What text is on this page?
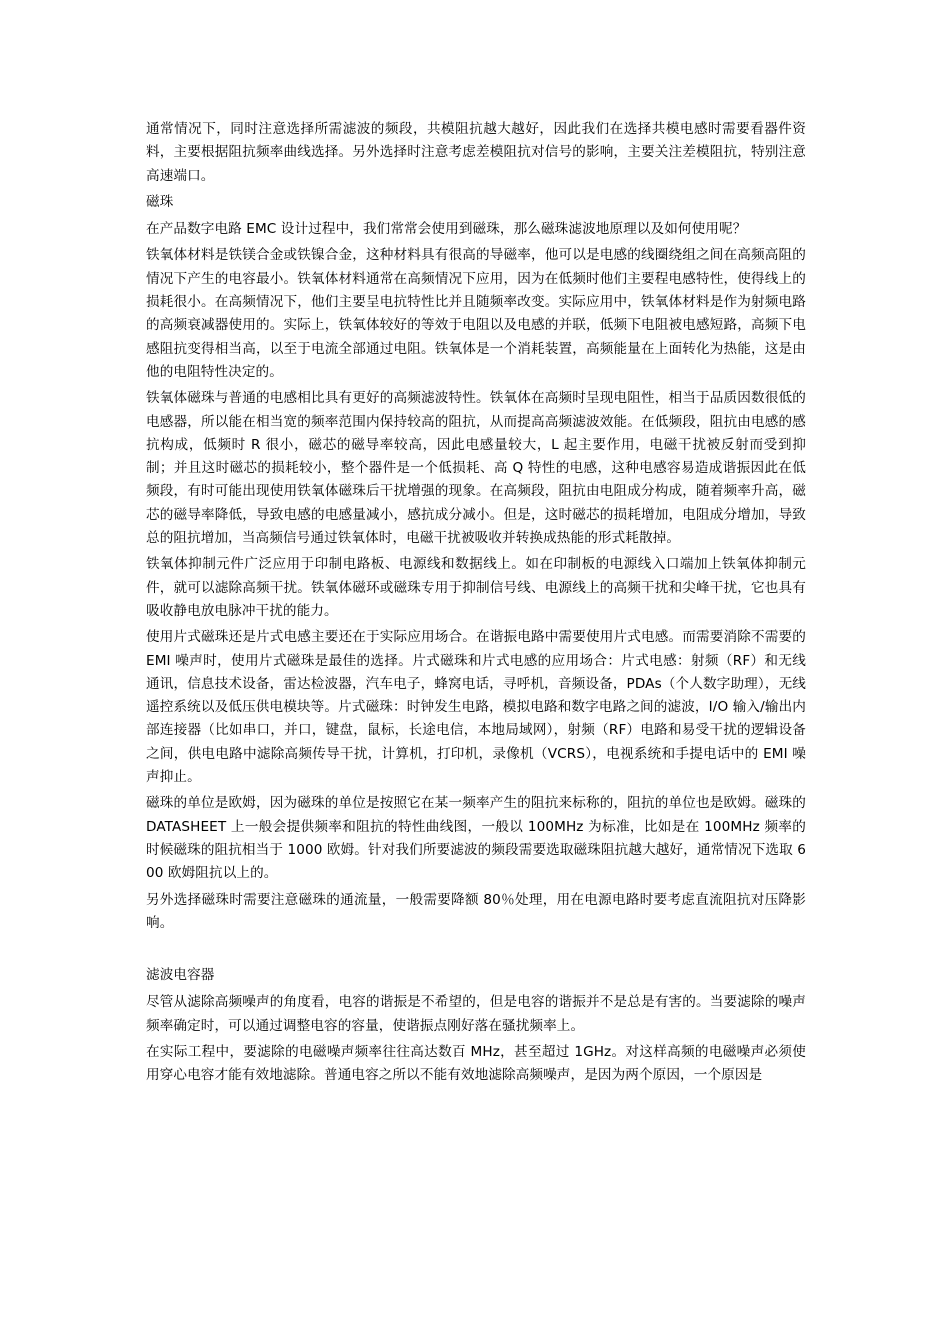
通常情况下，同时注意选择所需滤波的频段，共模阻抗越大越好，因此我们在选择共模电感时需要看器件资料，主要根据阻抗频率曲线选择。另外选择时注意考虑差模阻抗对信号的影响，主要关注差模阻抗，特别注意高速端口。

磁珠

在产品数字电路 EMC 设计过程中，我们常常会使用到磁珠，那么磁珠滤波地原理以及如何使用呢？

铁氧体材料是铁镁合金或铁镍合金，这种材料具有很高的导磁率，他可以是电感的线圈绕组之间在高频高阻的情况下产生的电容最小。铁氧体材料通常在高频情况下应用，因为在低频时他们主要程电感特性，使得线上的损耗很小。在高频情况下，他们主要呈电抗特性比并且随频率改变。实际应用中，铁氧体材料是作为射频电路的高频衰减器使用的。实际上，铁氧体较好的等效于电阻以及电感的并联，低频下电阻被电感短路，高频下电感阻抗变得相当高，以至于电流全部通过电阻。铁氧体是一个消耗装置，高频能量在上面转化为热能，这是由他的电阻特性决定的。

铁氧体磁珠与普通的电感相比具有更好的高频滤波特性。铁氧体在高频时呈现电阻性，相当于品质因数很低的电感器，所以能在相当宽的频率范围内保持较高的阻抗，从而提高高频滤波效能。在低频段，阻抗由电感的感抗构成，低频时 R 很小，磁芯的磁导率较高，因此电感量较大，L 起主要作用，电磁干扰被反射而受到抑制；并且这时磁芯的损耗较小，整个器件是一个低损耗、高 Q 特性的电感，这种电感容易造成谐振因此在低频段，有时可能出现使用铁氧体磁珠后干扰增强的现象。在高频段，阻抗由电阻成分构成，随着频率升高，磁芯的磁导率降低，导致电感的电感量减小，感抗成分减小。但是，这时磁芯的损耗增加，电阻成分增加，导致总的阻抗增加，当高频信号通过铁氧体时，电磁干扰被吸收并转换成热能的形式耗散掉。

铁氧体抑制元件广泛应用于印制电路板、电源线和数据线上。如在印制板的电源线入口端加上铁氧体抑制元件，就可以滤除高频干扰。铁氧体磁环或磁珠专用于抑制信号线、电源线上的高频干扰和尖峰干扰，它也具有吸收静电放电脉冲干扰的能力。

使用片式磁珠还是片式电感主要还在于实际应用场合。在谐振电路中需要使用片式电感。而需要消除不需要的 EMI 噪声时，使用片式磁珠是最佳的选择。片式磁珠和片式电感的应用场合：片式电感：射频（RF）和无线通讯，信息技术设备，雷达检波器，汽车电子，蜂窝电话，寻呼机，音频设备，PDAs（个人数字助理），无线遥控系统以及低压供电模块等。片式磁珠：时钟发生电路，模拟电路和数字电路之间的滤波，I/O 输入/输出内部连接器（比如串口，并口，键盘，鼠标，长途电信，本地局域网），射频（RF）电路和易受干扰的逻辑设备之间，供电电路中滤除高频传导干扰，计算机，打印机，录像机（VCRS），电视系统和手提电话中的 EMI 噪声抑止。

磁珠的单位是欧姆，因为磁珠的单位是按照它在某一频率产生的阻抗来标称的，阻抗的单位也是欧姆。磁珠的 DATASHEET 上一般会提供频率和阻抗的特性曲线图，一般以 100MHz 为标准，比如是在 100MHz 频率的时候磁珠的阻抗相当于 1000 欧姆。针对我们所要滤波的频段需要选取磁珠阻抗越大越好，通常情况下选取 600 欧姆阻抗以上的。

另外选择磁珠时需要注意磁珠的通流量，一般需要降额 80％处理，用在电源电路时要考虑直流阻抗对压降影响。

滤波电容器

尽管从滤除高频噪声的角度看，电容的谐振是不希望的，但是电容的谐振并不是总是有害的。当要滤除的噪声频率确定时，可以通过调整电容的容量，使谐振点刚好落在骚扰频率上。

在实际工程中，要滤除的电磁噪声频率往往高达数百 MHz，甚至超过 1GHz。对这样高频的电磁噪声必须使用穿心电容才能有效地滤除。普通电容之所以不能有效地滤除高频噪声，是因为两个原因，一个原因是
